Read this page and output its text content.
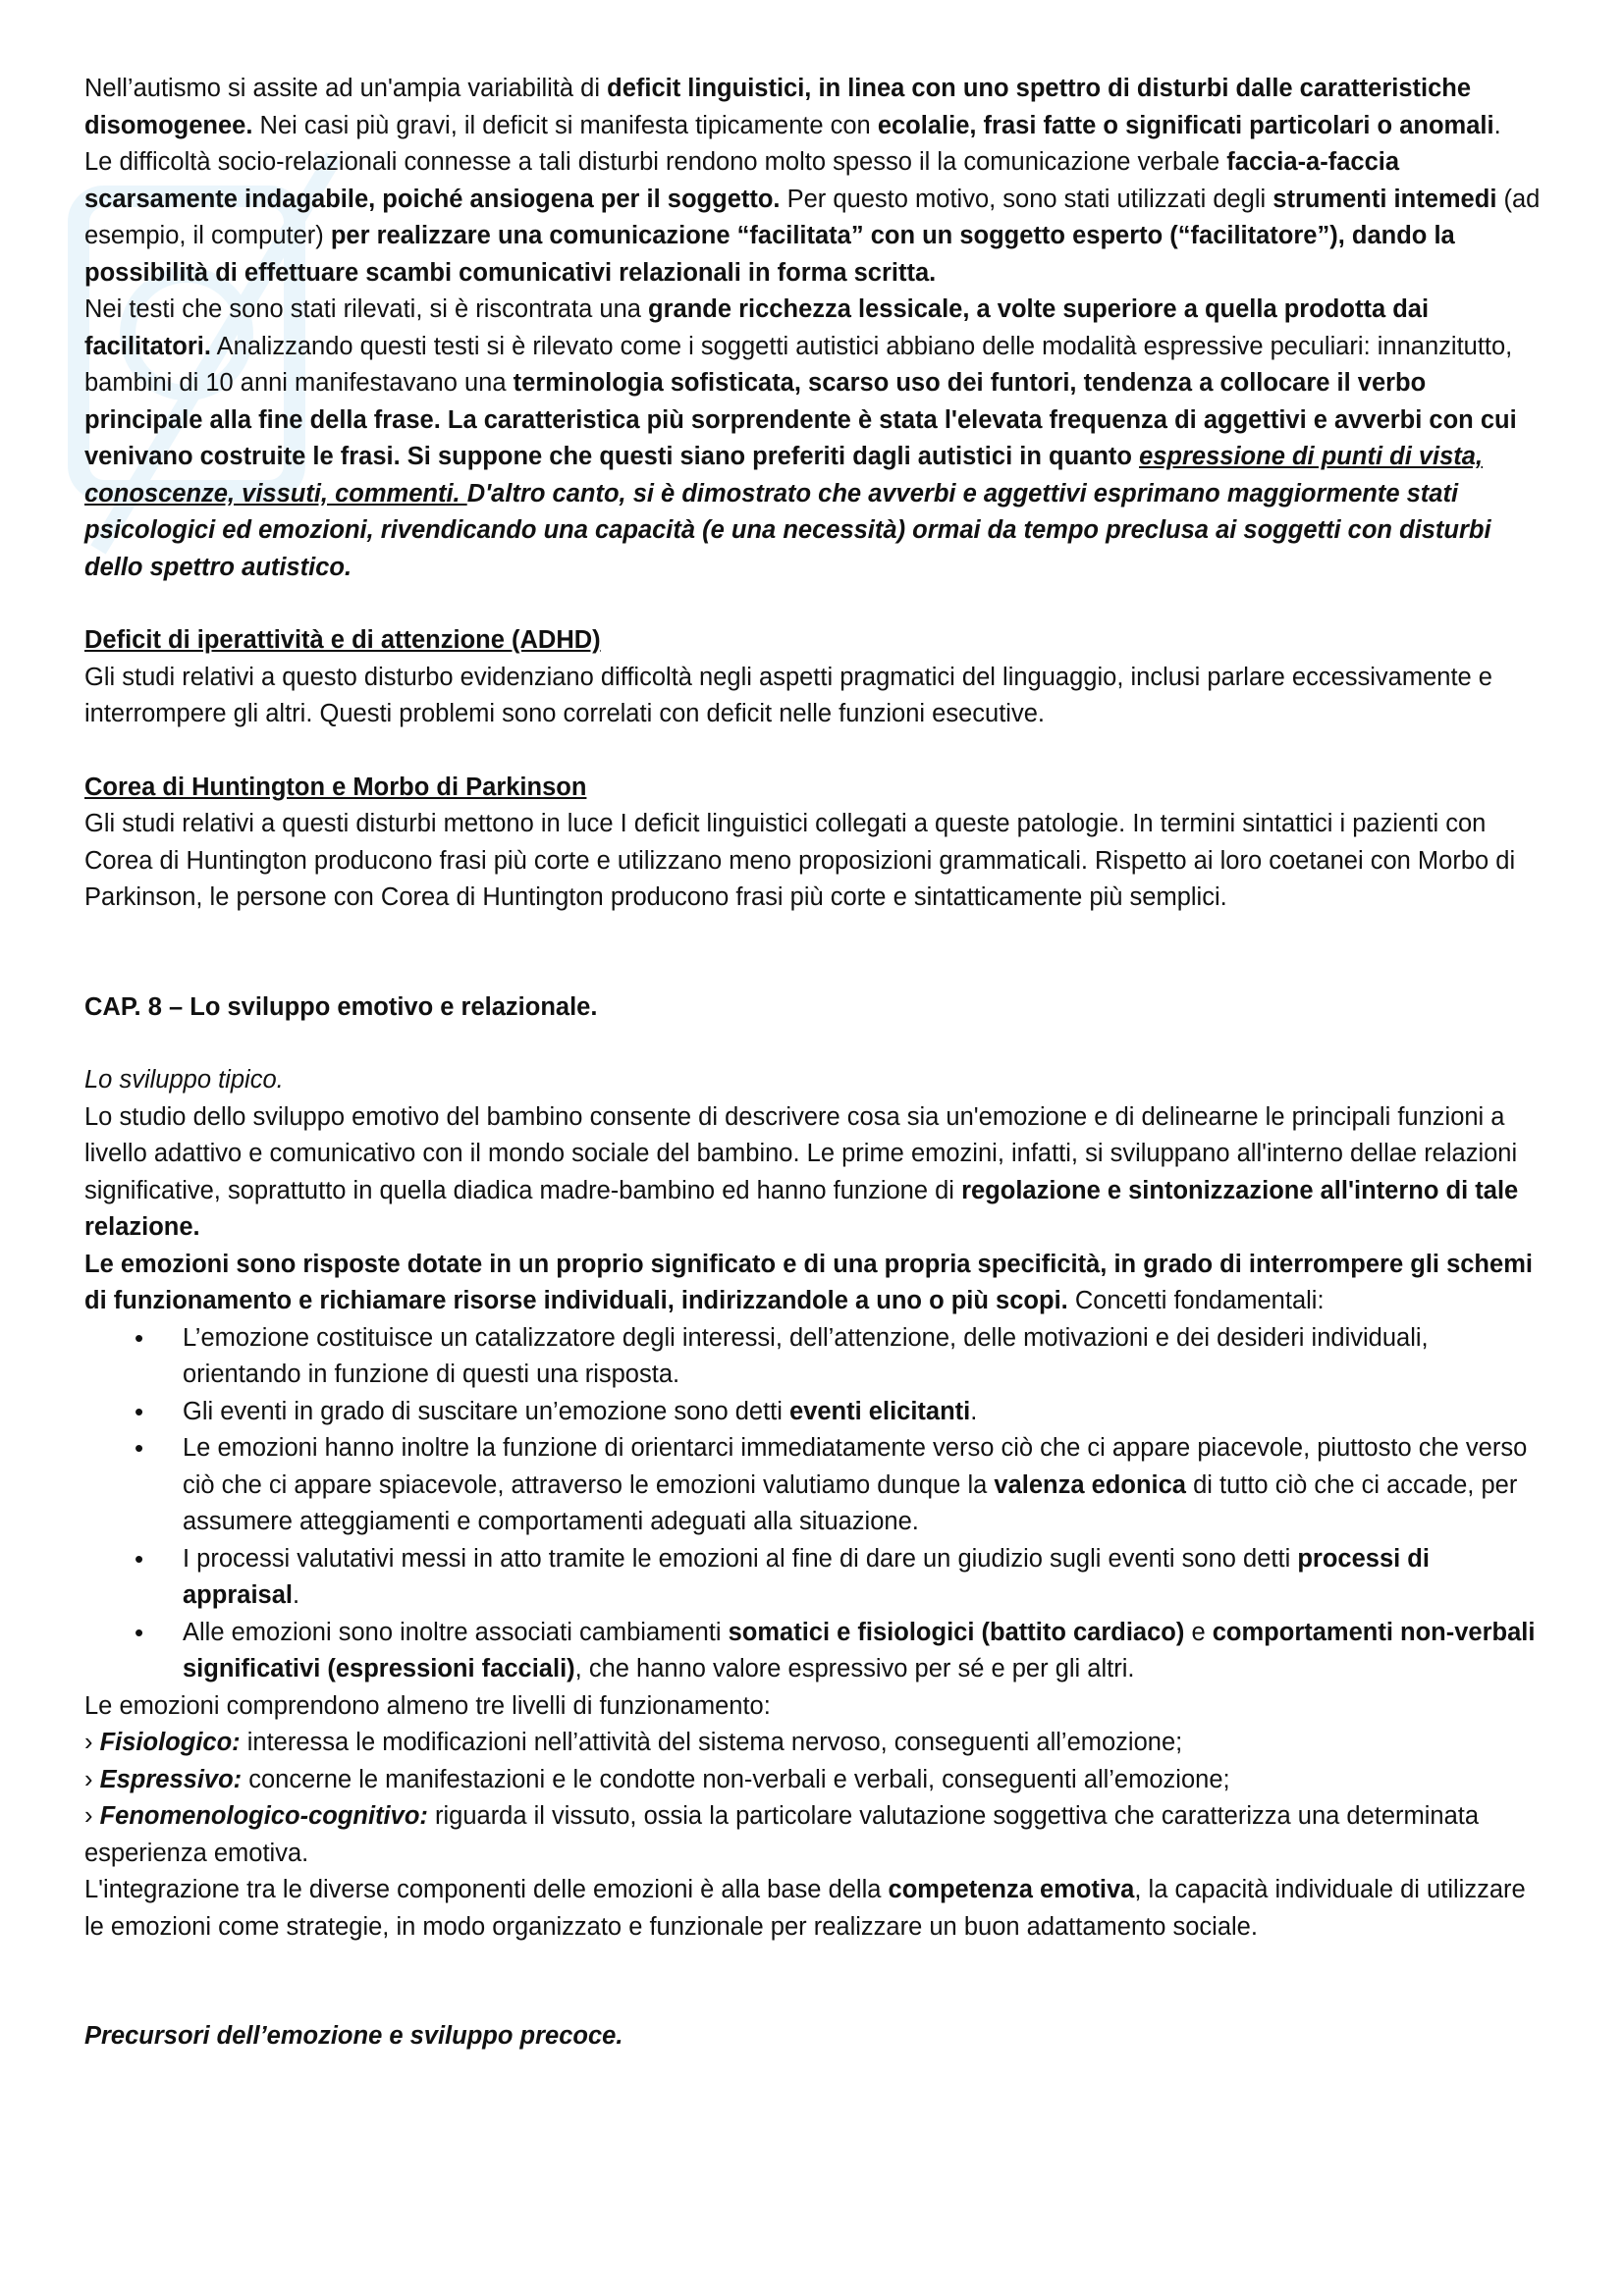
Nell’autismo si assite ad un'ampia variabilità di deficit linguistici, in linea con uno spettro di disturbi dalle caratteristiche disomogenee. Nei casi più gravi, il deficit si manifesta tipicamente con ecolalie, frasi fatte o significati particolari o anomali.

Le difficoltà socio-relazionali connesse a tali disturbi rendono molto spesso il la comunicazione verbale faccia-a-faccia scarsamente indagabile, poiché ansiogena per il soggetto. Per questo motivo, sono stati utilizzati degli strumenti intemedi (ad esempio, il computer) per realizzare una comunicazione “facilitata” con un soggetto esperto (“facilitatore”), dando la possibilità di effettuare scambi comunicativi relazionali in forma scritta.

Nei testi che sono stati rilevati, si è riscontrata una grande ricchezza lessicale, a volte superiore a quella prodotta dai facilitatori. Analizzando questi testi si è rilevato come i soggetti autistici abbiano delle modalità espressive peculiari: innanzitutto, bambini di 10 anni manifestavano una terminologia sofisticata, scarso uso dei funtori, tendenza a collocare il verbo principale alla fine della frase. La caratteristica più sorprendente è stata l'elevata frequenza di aggettivi e avverbi con cui venivano costruite le frasi. Si suppone che questi siano preferiti dagli autistici in quanto espressione di punti di vista, conoscenze, vissuti, commenti. D'altro canto, si è dimostrato che avverbi e aggettivi esprimano maggiormente stati psicologici ed emozioni, rivendicando una capacità (e una necessità) ormai da tempo preclusa ai soggetti con disturbi dello spettro autistico.

Deficit di iperattività e di attenzione (ADHD)

Gli studi relativi a questo disturbo evidenziano difficoltà negli aspetti pragmatici del linguaggio, inclusi parlare eccessivamente e interrompere gli altri. Questi problemi sono correlati con deficit nelle funzioni esecutive.

Corea di Huntington e Morbo di Parkinson

Gli studi relativi a questi disturbi mettono in luce I deficit linguistici collegati a queste patologie. In termini sintattici i pazienti con Corea di Huntington producono frasi più corte e utilizzano meno proposizioni grammaticali. Rispetto ai loro coetanei con Morbo di Parkinson, le persone con Corea di Huntington producono frasi più corte e sintatticamente più semplici.

CAP. 8 – Lo sviluppo emotivo e relazionale.

Lo sviluppo tipico.

Lo studio dello sviluppo emotivo del bambino consente di descrivere cosa sia un'emozione e di delinearne le principali funzioni a livello adattivo e comunicativo con il mondo sociale del bambino. Le prime emozini, infatti, si sviluppano all'interno dellae relazioni significative, soprattutto in quella diadica madre-bambino ed hanno funzione di regolazione e sintonizzazione all'interno di tale relazione.

Le emozioni sono risposte dotate in un proprio significato e di una propria specificità, in grado di interrompere gli schemi di funzionamento e richiamare risorse individuali, indirizzandole a uno o più scopi. Concetti fondamentali:

• L’emozione costituisce un catalizzatore degli interessi, dell’attenzione, delle motivazioni e dei desideri individuali, orientando in funzione di questi una risposta.
• Gli eventi in grado di suscitare un’emozione sono detti eventi elicitanti.
• Le emozioni hanno inoltre la funzione di orientarci immediatamente verso ciò che ci appare piacevole, piuttosto che verso ciò che ci appare spiacevole, attraverso le emozioni valutiamo dunque la valenza edonica di tutto ciò che ci accade, per assumere atteggiamenti e comportamenti adeguati alla situazione.
• I processi valutativi messi in atto tramite le emozioni al fine di dare un giudizio sugli eventi sono detti processi di appraisal.
• Alle emozioni sono inoltre associati cambiamenti somatici e fisiologici (battito cardiaco) e comportamenti non-verbali significativi (espressioni facciali), che hanno valore espressivo per sé e per gli altri.

Le emozioni comprendono almeno tre livelli di funzionamento:

› Fisiologico: interessa le modificazioni nell’attività del sistema nervoso, conseguenti all’emozione;

› Espressivo: concerne le manifestazioni e le condotte non-verbali e verbali, conseguenti all’emozione;

› Fenomenologico-cognitivo: riguarda il vissuto, ossia la particolare valutazione soggettiva che caratterizza una determinata esperienza emotiva.

L'integrazione tra le diverse componenti delle emozioni è alla base della competenza emotiva, la capacità individuale di utilizzare le emozioni come strategie, in modo organizzato e funzionale per realizzare un buon adattamento sociale.

Precursori dell’emozione e sviluppo precoce.
